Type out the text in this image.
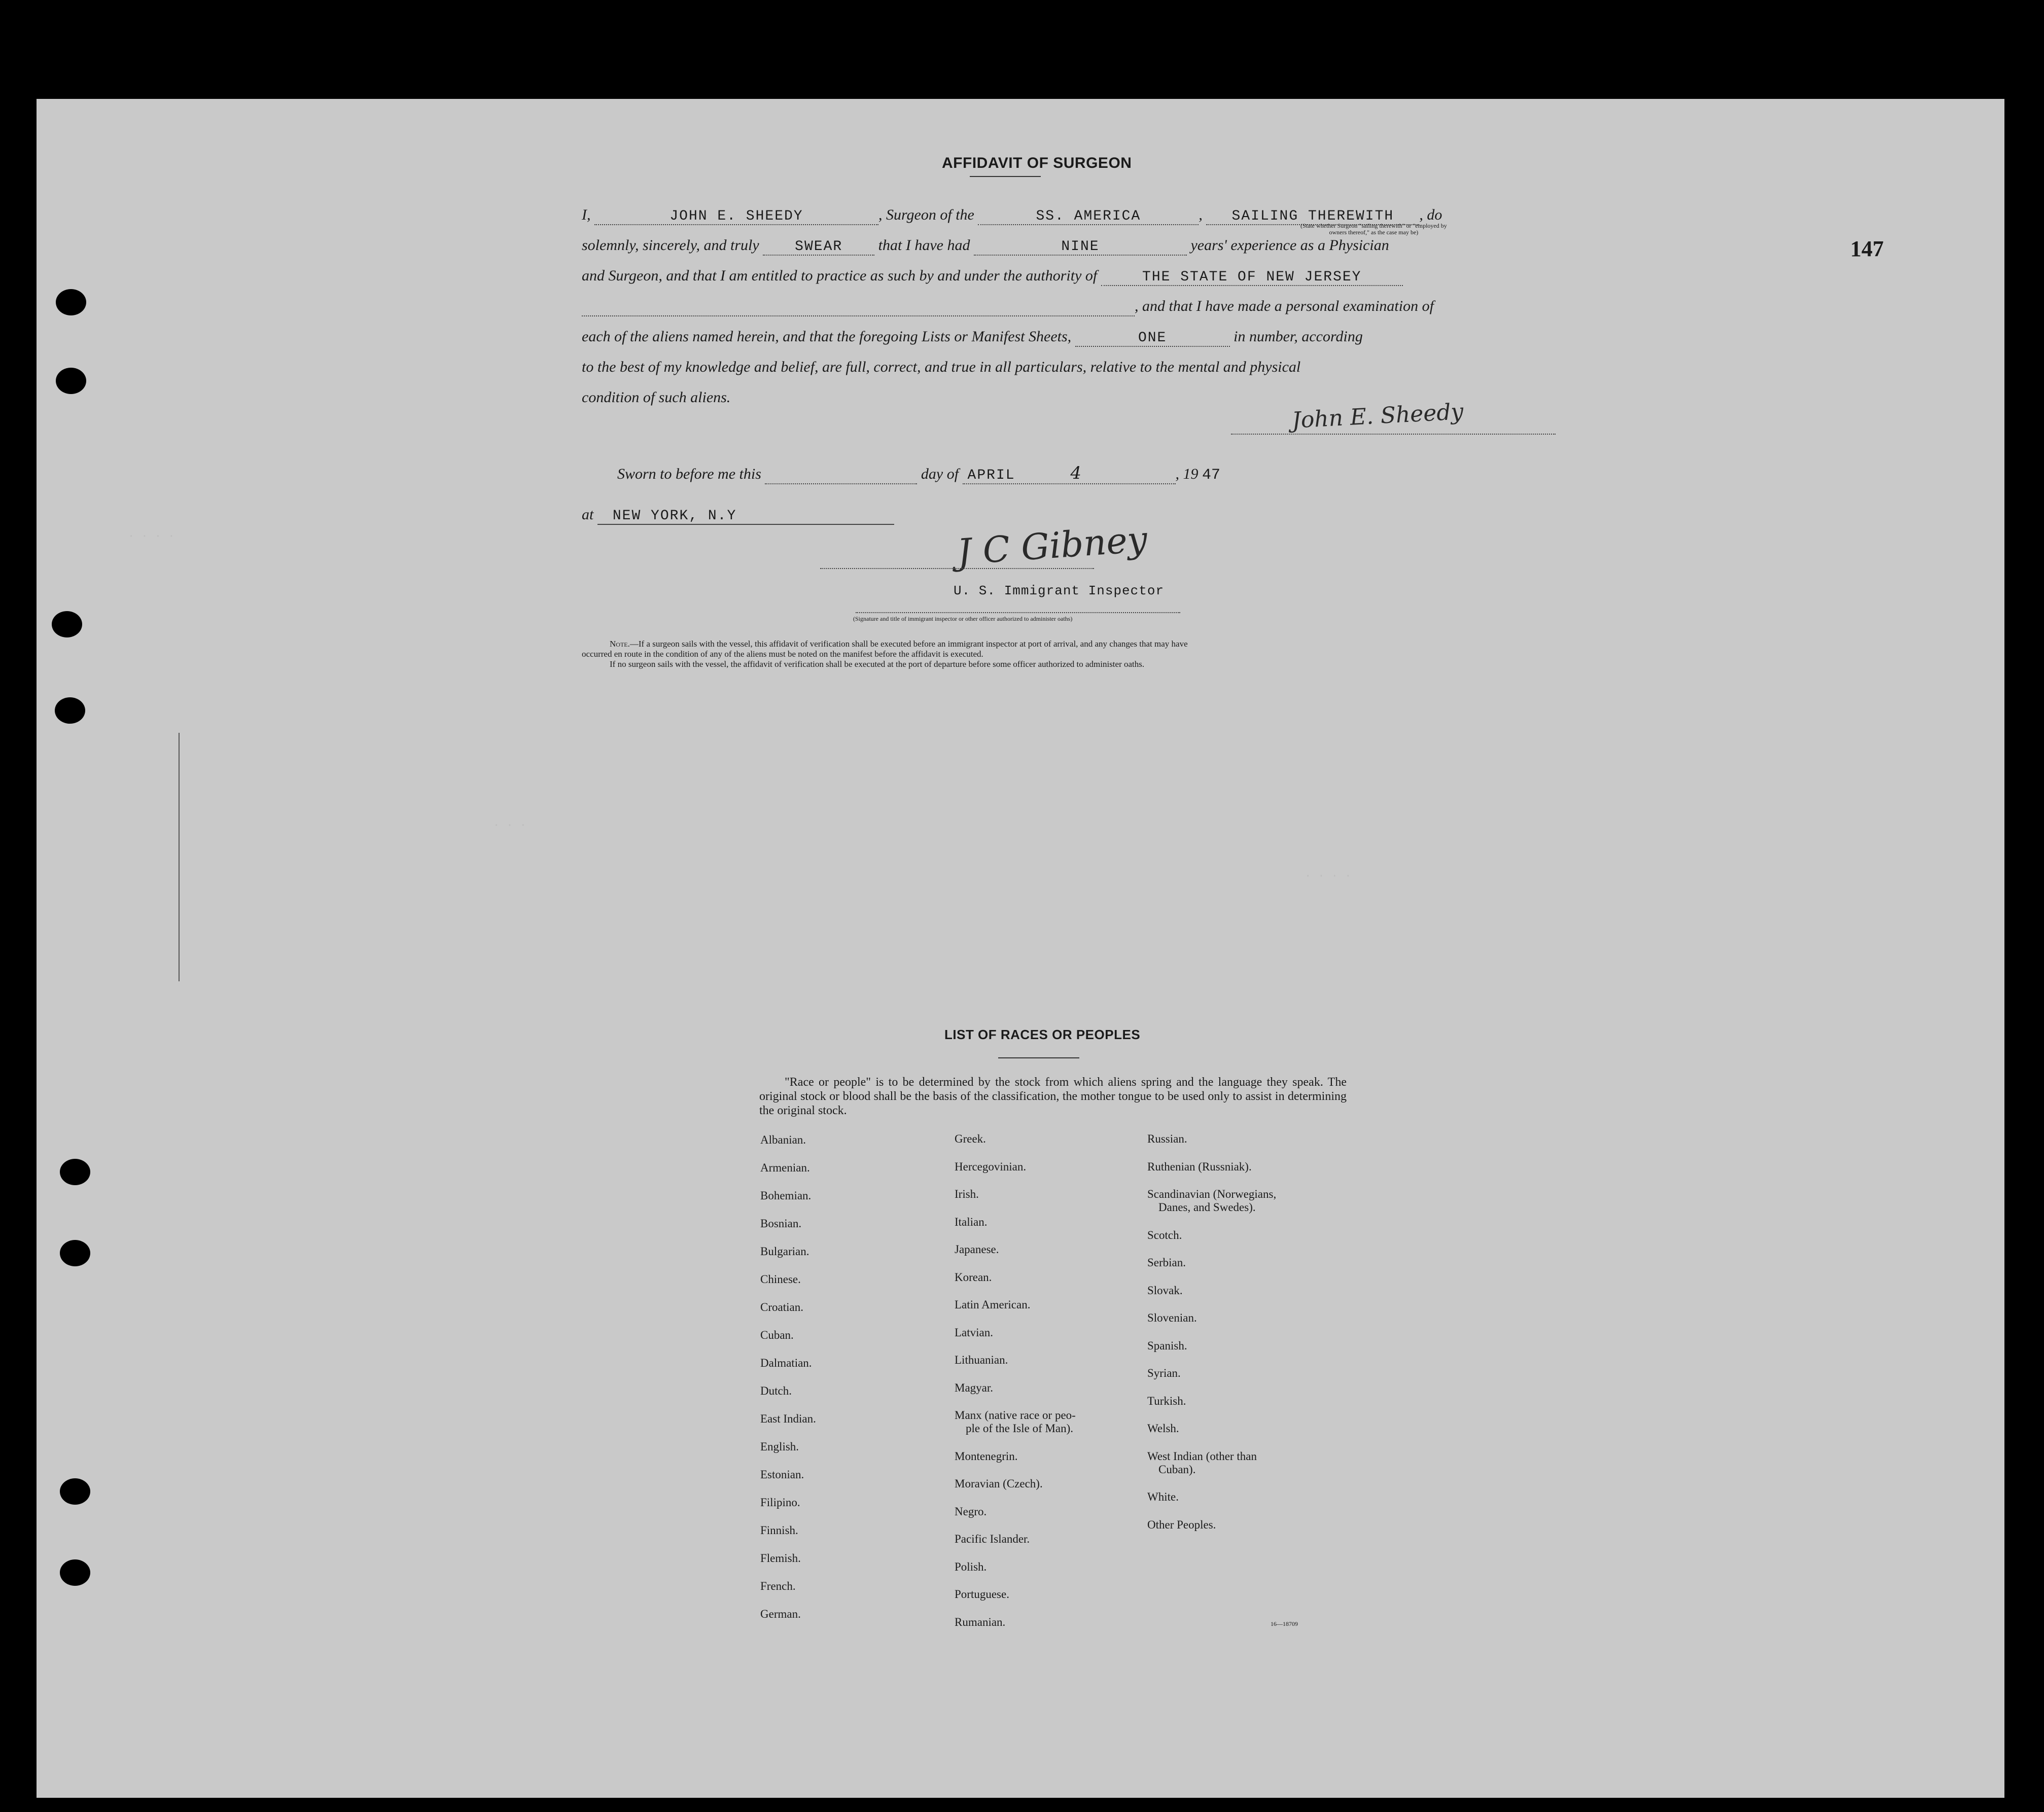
147
· · · ·
· · ·
· · · ·
AFFIDAVIT OF SURGEON
I,	JOHN E. SHEEDY	, Surgeon of the	SS. AMERICA	, SAILING THEREWITH , do
(State whether Surgeon "sailing therewith" or "employed by
owners thereof," as the case may be)
solemnly, sincerely, and truly	SWEAR that I have had	NINE	years' experience as a Physician
and Surgeon, and that I am entitled to practice as such by and under the authority of	THE STATE OF NEW JERSEY
, and that I have made a personal examination of
each of the aliens named herein, and that the foregoing Lists or Manifest Sheets,	ONE	in number, according
to the best of my knowledge and belief, are full, correct, and true in all particulars, relative to the mental and physical
condition of such aliens.
John E. Sheedy
Sworn to before me this	day of APRIL	4	, 19 47
at NEW YORK, N.Y
J C Gibney
U. S. Immigrant Inspector
(Signature and title of immigrant inspector or other officer authorized to administer oaths)
Note.—If a surgeon sails with the vessel, this affidavit of verification shall be executed before an immigrant inspector at port of arrival, and any changes that may have
occurred en route in the condition of any of the aliens must be noted on the manifest before the affidavit is executed.
If no surgeon sails with the vessel, the affidavit of verification shall be executed at the port of departure before some officer authorized to administer oaths.
LIST OF RACES OR PEOPLES
"Race or people" is to be determined by the stock from which aliens spring and the language they speak. The original stock or blood shall be the basis of the classification, the mother tongue to be used only to assist in determining the original stock.
Albanian.
Armenian.
Bohemian.
Bosnian.
Bulgarian.
Chinese.
Croatian.
Cuban.
Dalmatian.
Dutch.
East Indian.
English.
Estonian.
Filipino.
Finnish.
Flemish.
French.
German.
Greek.
Hercegovinian.
Irish.
Italian.
Japanese.
Korean.
Latin American.
Latvian.
Lithuanian.
Magyar.
Manx (native race or peo-
ple of the Isle of Man).
Montenegrin.
Moravian (Czech).
Negro.
Pacific Islander.
Polish.
Portuguese.
Rumanian.
Russian.
Ruthenian (Russniak).
Scandinavian (Norwegians,
Danes, and Swedes).
Scotch.
Serbian.
Slovak.
Slovenian.
Spanish.
Syrian.
Turkish.
Welsh.
West Indian (other than
Cuban).
White.
Other Peoples.
16—18709
